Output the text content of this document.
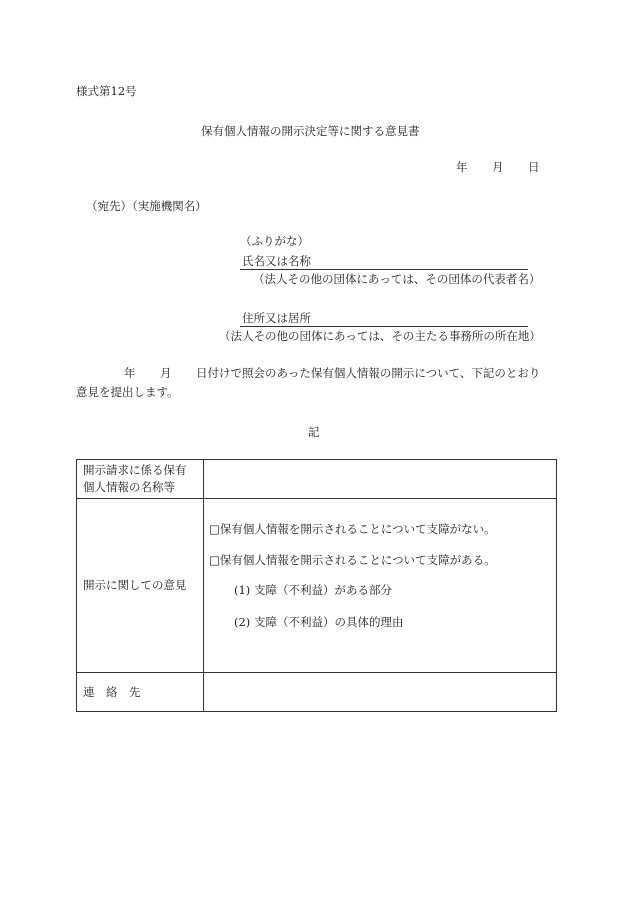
様式第12号
保有個人情報の開示決定等に関する意見書
年 月 日
（宛先）（実施機関名）
（ふりがな）
氏名又は名称
（法人その他の団体にあっては、その団体の代表者名）
住所又は居所
（法人その他の団体にあっては、その主たる事務所の所在地）
年 月 日付けで照会のあった保有個人情報の開示について、下記のとおり
意見を提出します。
記
開示請求に係る保有
個人情報の名称等	

開示に関しての意見	□保有個人情報を開示されることについて支障がない。
□保有個人情報を開示されることについて支障がある。
(1) 支障（不利益）がある部分
(2) 支障（不利益）の具体的理由

連　絡　先	
